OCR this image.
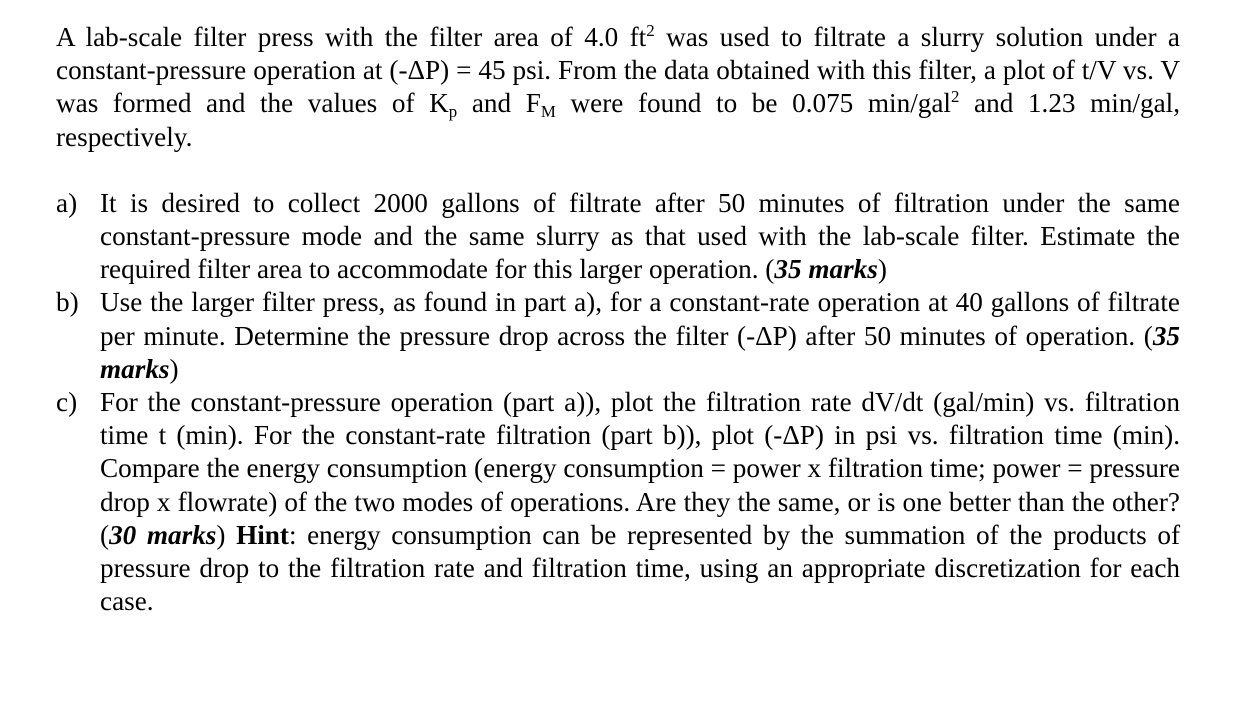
A lab-scale filter press with the filter area of 4.0 $ft^2$ was used to filtrate a slurry solution under a constant-pressure operation at (-ΔP) = 45 psi. From the data obtained with this filter, a plot of t/V vs. V was formed and the values of $K_p$ and $F_M$ were found to be 0.075 min/gal$^2$ and 1.23 min/gal, respectively.

a) It is desired to collect 2000 gallons of filtrate after 50 minutes of filtration under the same constant-pressure mode and the same slurry as that used with the lab-scale filter. Estimate the required filter area to accommodate for this larger operation. (35 marks)
b) Use the larger filter press, as found in part a), for a constant-rate operation at 40 gallons of filtrate per minute. Determine the pressure drop across the filter (-ΔP) after 50 minutes of operation. (35 marks)
c) For the constant-pressure operation (part a)), plot the filtration rate dV/dt (gal/min) vs. filtration time t (min). For the constant-rate filtration (part b)), plot (-ΔP) in psi vs. filtration time (min). Compare the energy consumption (energy consumption = power x filtration time; power = pressure drop x flowrate) of the two modes of operations. Are they the same, or is one better than the other? (30 marks) Hint: energy consumption can be represented by the summation of the products of pressure drop to the filtration rate and filtration time, using an appropriate discretization for each case.
